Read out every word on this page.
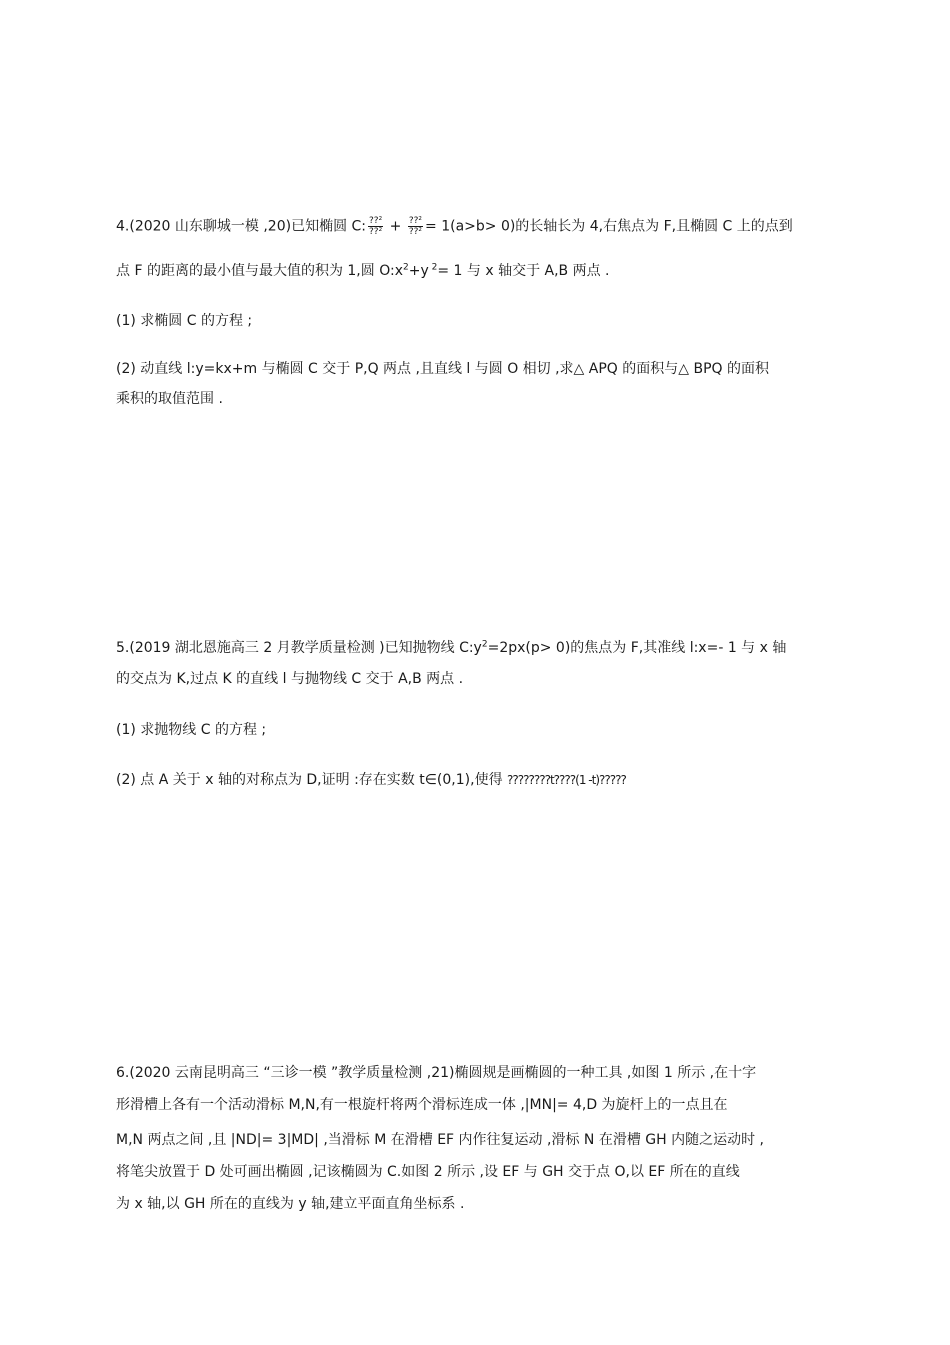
4.(2020 山东聊城一模 ,20)已知椭圆 C: $\frac{\text{??²}}{\text{??²}} + \frac{\text{??²}}{\text{??²}} = 1(a>b> 0)$的长轴长为 4,右焦点为 F,且椭圆 C 上的点到
点 F 的距离的最小值与最大值的积为 1,圆 $O:x^2+y$ $^2$= 1 与 x 轴交于 A,B 两点 .
(1) 求椭圆 C 的方程 ;
(2) 动直线 l:y=kx+m 与椭圆 C 交于 P,Q 两点 ,且直线 l 与圆 O 相切 ,求△ APQ 的面积与△ BPQ 的面积
乘积的取值范围 .
5.(2019 湖北恩施高三 2 月教学质量检测 )已知抛物线 $C:y^2=2px(p> 0)$的焦点为 F,其准线 l:x=- 1 与 x 轴
的交点为 K,过点 K 的直线 l 与抛物线 C 交于 A,B 两点 .
(1) 求抛物线 C 的方程 ;
(2) 点 A 关于 x 轴的对称点为 D,证明 :存在实数 t∈(0,1),使得 ????????t????(1 -t)?????
6.(2020 云南昆明高三 “三诊一模 ”教学质量检测 ,21)椭圆规是画椭圆的一种工具 ,如图 1 所示 ,在十字
形滑槽上各有一个活动滑标 M,N,有一根旋杆将两个滑标连成一体 ,|MN|= 4,D 为旋杆上的一点且在
M,N 两点之间 ,且 |ND|= 3|MD| ,当滑标 M 在滑槽 EF 内作往复运动 ,滑标 N 在滑槽 GH 内随之运动时 ,
将笔尖放置于 D 处可画出椭圆 ,记该椭圆为 C.如图 2 所示 ,设 EF 与 GH 交于点 O,以 EF 所在的直线
为 x 轴,以 GH 所在的直线为 y 轴,建立平面直角坐标系 .
